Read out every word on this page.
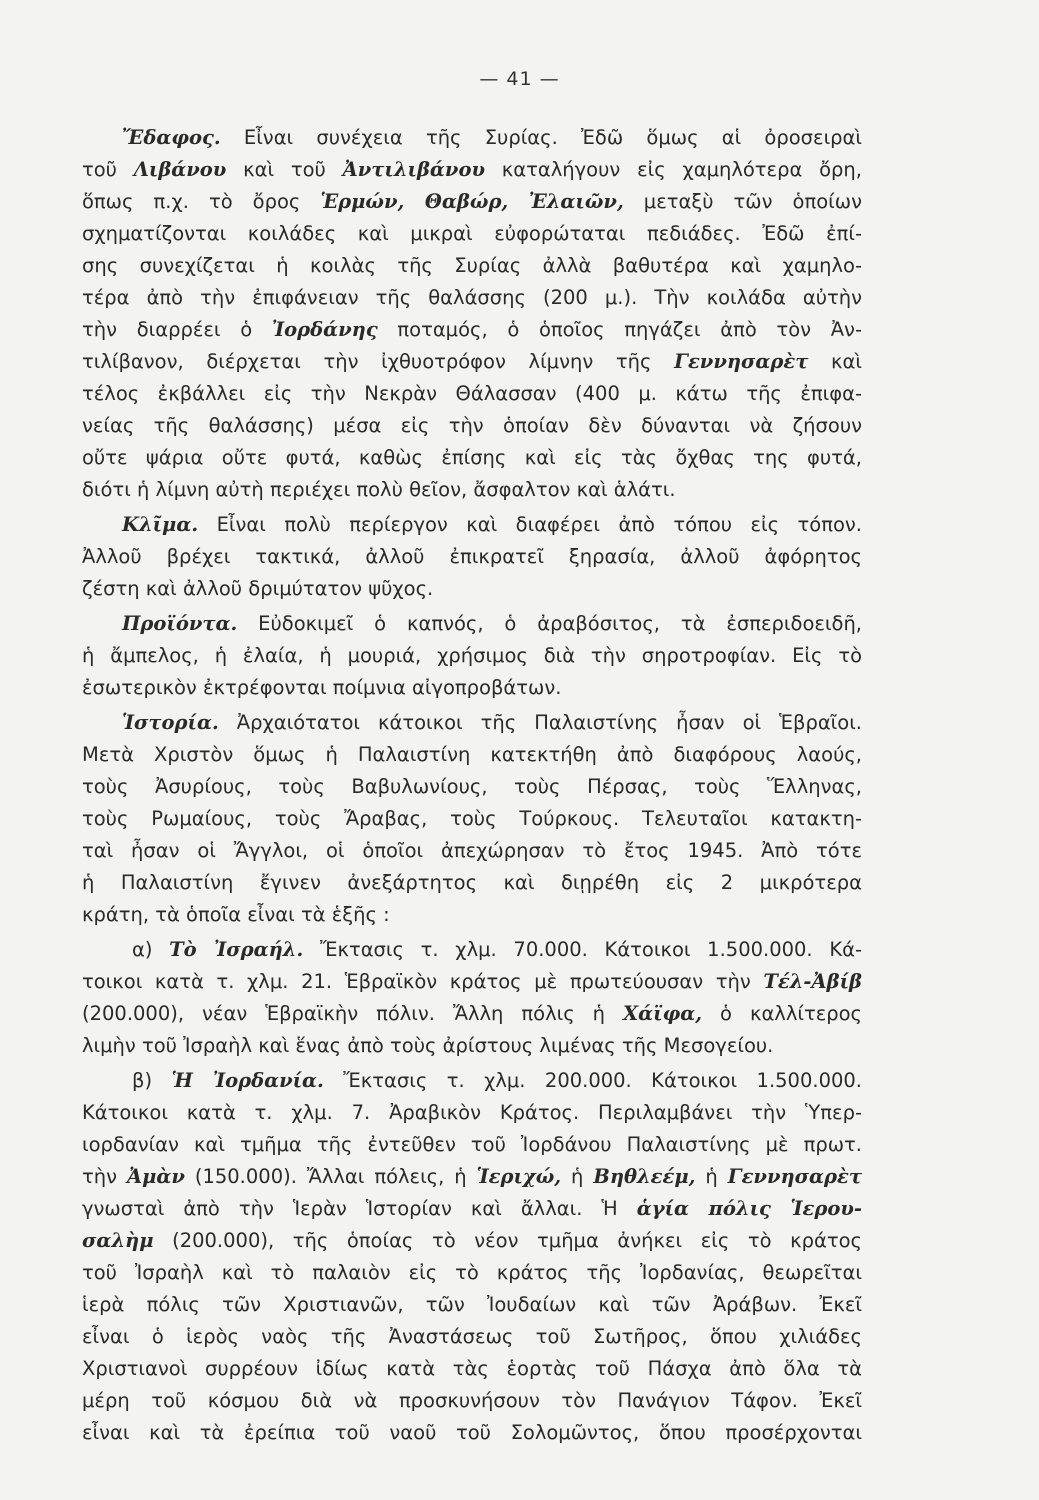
— 41 —
Ἔδαφος. Εἶναι συνέχεια τῆς Συρίας. Ἐδῶ ὅμως αἱ ὀροσειραὶ
τοῦ Λιβάνου καὶ τοῦ Ἀντιλιβάνου καταλήγουν εἰς χαμηλότερα ὄρη,
ὅπως π.χ. τὸ ὄρος Ἑρμών, Θαβώρ, Ἐλαιῶν, μεταξὺ τῶν ὁποίων
σχηματίζονται κοιλάδες καὶ μικραὶ εὐφορώταται πεδιάδες. Ἐδῶ ἐπί-
σης συνεχίζεται ἡ κοιλὰς τῆς Συρίας ἀλλὰ βαθυτέρα καὶ χαμηλο-
τέρα ἀπὸ τὴν ἐπιφάνειαν τῆς θαλάσσης (200 μ.). Τὴν κοιλάδα αὐτὴν
τὴν διαρρέει ὁ Ἰορδάνης ποταμός, ὁ ὁποῖος πηγάζει ἀπὸ τὸν Ἀν-
τιλίβανον, διέρχεται τὴν ἰχθυοτρόφον λίμνην τῆς Γεννησαρὲτ καὶ
τέλος ἐκβάλλει εἰς τὴν Νεκρὰν Θάλασσαν (400 μ. κάτω τῆς ἐπιφα-
νείας τῆς θαλάσσης) μέσα εἰς τὴν ὁποίαν δὲν δύνανται νὰ ζήσουν
οὔτε ψάρια οὔτε φυτά, καθὼς ἐπίσης καὶ εἰς τὰς ὄχθας της φυτά,
διότι ἡ λίμνη αὐτὴ περιέχει πολὺ θεῖον, ἄσφαλτον καὶ ἁλάτι.
Κλῖμα. Εἶναι πολὺ περίεργον καὶ διαφέρει ἀπὸ τόπου εἰς τόπον.
Ἀλλοῦ βρέχει τακτικά, ἀλλοῦ ἐπικρατεῖ ξηρασία, ἀλλοῦ ἀφόρητος
ζέστη καὶ ἀλλοῦ δριμύτατον ψῦχος.
Προϊόντα. Εὐδοκιμεῖ ὁ καπνός, ὁ ἀραβόσιτος, τὰ ἐσπεριδοειδῆ,
ἡ ἄμπελος, ἡ ἐλαία, ἡ μουριά, χρήσιμος διὰ τὴν σηροτροφίαν. Εἰς τὸ
ἐσωτερικὸν ἐκτρέφονται ποίμνια αἰγοπροβάτων.
Ἱστορία. Ἀρχαιότατοι κάτοικοι τῆς Παλαιστίνης ἦσαν οἱ Ἑβραῖοι.
Μετὰ Χριστὸν ὅμως ἡ Παλαιστίνη κατεκτήθη ἀπὸ διαφόρους λαούς,
τοὺς Ἀσυρίους, τοὺς Βαβυλωνίους, τοὺς Πέρσας, τοὺς Ἕλληνας,
τοὺς Ρωμαίους, τοὺς Ἄραβας, τοὺς Τούρκους. Τελευταῖοι κατακτη-
ταὶ ἦσαν οἱ Ἄγγλοι, οἱ ὁποῖοι ἀπεχώρησαν τὸ ἔτος 1945. Ἀπὸ τότε
ἡ Παλαιστίνη ἔγινεν ἀνεξάρτητος καὶ διῃρέθη εἰς 2 μικρότερα
κράτη, τὰ ὁποῖα εἶναι τὰ ἑξῆς :
α) Τὸ Ἰσραήλ. Ἔκτασις τ. χλμ. 70.000. Κάτοικοι 1.500.000. Κά-
τοικοι κατὰ τ. χλμ. 21. Ἑβραϊκὸν κράτος μὲ πρωτεύουσαν τὴν Τέλ-Ἀβίβ
(200.000), νέαν Ἑβραϊκὴν πόλιν. Ἄλλη πόλις ἡ Χάϊφα, ὁ καλλίτερος
λιμὴν τοῦ Ἰσραὴλ καὶ ἕνας ἀπὸ τοὺς ἀρίστους λιμένας τῆς Μεσογείου.
β) Ἡ Ἰορδανία. Ἔκτασις τ. χλμ. 200.000. Κάτοικοι 1.500.000.
Κάτοικοι κατὰ τ. χλμ. 7. Ἀραβικὸν Κράτος. Περιλαμβάνει τὴν Ὑπερ-
ιορδανίαν καὶ τμῆμα τῆς ἐντεῦθεν τοῦ Ἰορδάνου Παλαιστίνης μὲ πρωτ.
τὴν Ἀμὰν (150.000). Ἄλλαι πόλεις, ἡ Ἱεριχώ, ἡ Βηθλεέμ, ἡ Γεννησαρὲτ
γνωσταὶ ἀπὸ τὴν Ἱερὰν Ἱστορίαν καὶ ἄλλαι. Ἡ ἁγία πόλις Ἱερου-
σαλὴμ (200.000), τῆς ὁποίας τὸ νέον τμῆμα ἀνήκει εἰς τὸ κράτος
τοῦ Ἰσραὴλ καὶ τὸ παλαιὸν εἰς τὸ κράτος τῆς Ἰορδανίας, θεωρεῖται
ἱερὰ πόλις τῶν Χριστιανῶν, τῶν Ἰουδαίων καὶ τῶν Ἀράβων. Ἐκεῖ
εἶναι ὁ ἱερὸς ναὸς τῆς Ἀναστάσεως τοῦ Σωτῆρος, ὅπου χιλιάδες
Χριστιανοὶ συρρέουν ἰδίως κατὰ τὰς ἑορτὰς τοῦ Πάσχα ἀπὸ ὅλα τὰ
μέρη τοῦ κόσμου διὰ νὰ προσκυνήσουν τὸν Πανάγιον Τάφον. Ἐκεῖ
εἶναι καὶ τὰ ἐρείπια τοῦ ναοῦ τοῦ Σολομῶντος, ὅπου προσέρχονται
